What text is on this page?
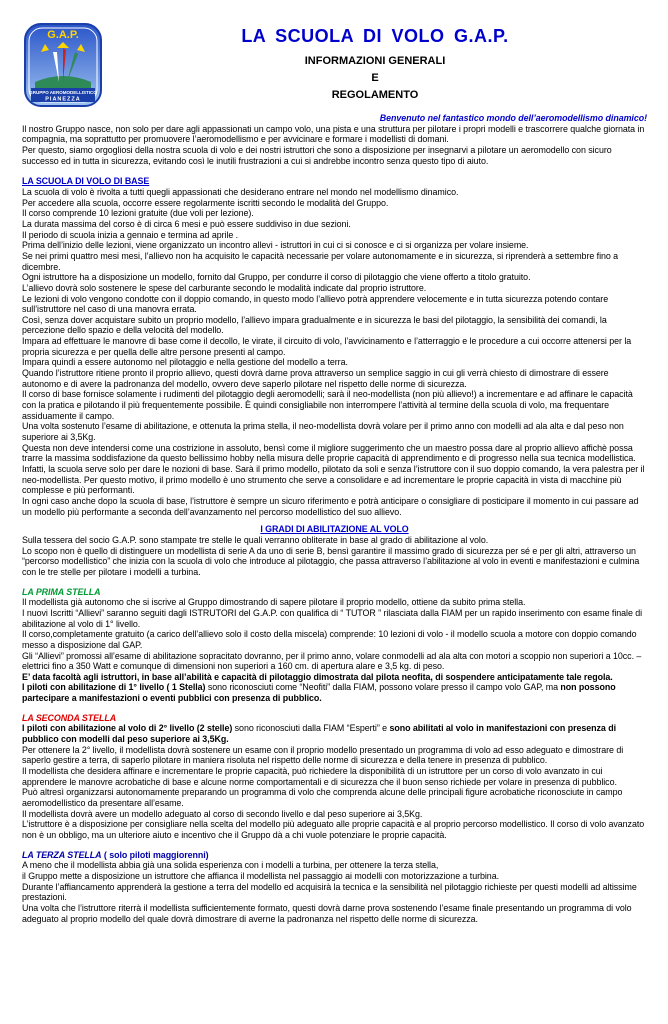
G.A.P.
GRUPPO AEROMODELLISTICO
PIANEZZA
LA SCUOLA DI VOLO G.A.P.
INFORMAZIONI GENERALI
E
REGOLAMENTO

Benvenuto nel fantastico mondo dell’aeromodellismo dinamico!

Il nostro Gruppo nasce, non solo per dare agli appassionati un campo volo, una pista e una struttura per pilotare i propri modelli e trascorrere qualche giornata in compagnia, ma soprattutto per promuovere l’aeromodellismo e per avvicinare e formare i modellisti di domani.

Per questo, siamo orgogliosi della nostra scuola di volo e dei nostri istruttori che sono a disposizione per insegnarvi a pilotare un aeromodello con sicuro successo ed in tutta in sicurezza, evitando così le inutili frustrazioni a cui si andrebbe incontro senza questo tipo di aiuto.

LA SCUOLA DI VOLO DI BASE

La scuola di volo è rivolta a tutti quegli appassionati che desiderano entrare nel mondo nel modellismo dinamico.

Per accedere alla scuola, occorre essere regolarmente iscritti secondo le modalità del Gruppo.

Il corso comprende 10 lezioni gratuite (due voli per lezione).

La durata massima del corso è di circa 6 mesi e può essere suddiviso in due sezioni.

Il periodo di scuola inizia a gennaio e termina ad aprile .

Prima dell’inizio delle lezioni, viene organizzato un incontro allevi - istruttori in cui ci si conosce e ci si organizza per volare insieme.

Se nei primi quattro mesi mesi, l’allievo non ha acquisito le capacità necessarie per volare autonomamente e in sicurezza, si riprenderà a settembre fino a dicembre.

Ogni istruttore ha a disposizione un modello, fornito dal Gruppo, per condurre il corso di pilotaggio che viene offerto a titolo gratuito.

L’allievo dovrà solo sostenere le spese del carburante secondo le modalità indicate dal proprio istruttore.

Le lezioni di volo vengono condotte con il doppio comando, in questo modo l’allievo potrà apprendere velocemente e in tutta sicurezza potendo contare sull’istruttore nel caso di una manovra errata.

Così, senza dover acquistare subito un proprio modello, l’allievo impara gradualmente e in sicurezza le basi del pilotaggio, la sensibilità dei comandi, la percezione dello spazio e della velocità del modello.

Impara ad effettuare le manovre di base come il decollo, le virate, il circuito di volo, l’avvicinamento e l’atterraggio e le procedure a cui occorre attenersi per la propria sicurezza e per quella delle altre persone presenti al campo.

Impara quindi a essere autonomo nel pilotaggio e nella gestione del modello a terra.

Quando l’istruttore ritiene pronto il proprio allievo, questi dovrà darne prova attraverso un semplice saggio in cui gli verrà chiesto di dimostrare di essere autonomo e di avere la padronanza del modello, ovvero deve saperlo pilotare nel rispetto delle norme di sicurezza.

Il corso di base fornisce solamente i rudimenti del pilotaggio degli aeromodelli; sarà il neo-modellista (non più allievo!) a incrementare e ad affinare le capacità con la pratica e pilotando il più frequentemente possibile. È quindi consigliabile non interrompere l’attività al termine della scuola di volo, ma frequentare assiduamente il campo.

Una volta sostenuto l’esame di abilitazione, e ottenuta la prima stella, il neo-modellista dovrà volare per il primo anno con modelli ad ala alta e dal peso non superiore ai 3,5Kg.

Questa non deve intendersi come una costrizione in assoluto, bensì come il migliore suggerimento che un maestro possa dare al proprio allievo affichè possa trarre la massima soddisfazione da questo bellissimo hobby nella misura delle proprie capacità di apprendimento e di progresso nella sua tecnica modellistica.

Infatti, la scuola serve solo per dare le nozioni di base. Sarà il primo modello, pilotato da soli e senza l’istruttore con il suo doppio comando, la vera palestra per il neo-modellista. Per questo motivo, il primo modello è uno strumento che serve a consolidare e ad incrementare le proprie capacità in vista di macchine più complesse e più performanti.

In ogni caso anche dopo la scuola di base, l’istruttore è sempre un sicuro riferimento e potrà anticipare o consigliare di posticipare il momento in cui passare ad un modello più performante a seconda dell’avanzamento nel percorso modellistico del suo allievo.

I GRADI DI ABILITAZIONE AL VOLO

Sulla tessera del socio G.A.P. sono stampate tre stelle le quali verranno obliterate in base al grado di abilitazione al volo.

Lo scopo non è quello di distinguere un modellista di serie A da uno di serie B, bensì garantire il massimo grado di sicurezza per sé e per gli altri, attraverso un “percorso modellistico” che inizia con la scuola di volo che introduce al pilotaggio, che passa attraverso l’abilitazione al volo in eventi e manifestazioni e culmina con le tre stelle per pilotare i modelli a turbina.

LA PRIMA STELLA

Il modellista già autonomo che si iscrive al Gruppo dimostrando di sapere pilotare il proprio modello, ottiene da subito prima stella.

I nuovi Iscritti “Allievi” saranno seguiti dagli ISTRUTORI del G.A.P. con qualifica di “ TUTOR ” rilasciata dalla FIAM per un rapido inserimento con esame finale di abilitazione al volo di 1° livello.

Il corso,completamente gratuito (a carico dell’allievo solo il costo della miscela) comprende: 10 lezioni di volo - il modello scuola a motore con doppio comando messo a disposizione dal GAP.

Gli “Allievi” promossi all’esame di abilitazione sopracitato dovranno, per il primo anno, volare conmodelli ad ala alta con motori a scoppio non superiori a 10cc. – elettrici fino a 350 Watt e comunque di dimensioni non superiori a 160 cm. di apertura alare e 3,5 kg. di peso.

E’ data facoltà agli istruttori, in base all’abilità e capacità di pilotaggio dimostrata dal pilota neofita, di sospendere anticipatamente tale regola.

I piloti con abilitazione di 1° livello ( 1 Stella) sono riconosciuti come “Neofiti” dalla FIAM, possono volare presso il campo volo GAP, ma non possono partecipare a manifestazioni o eventi pubblici con presenza di pubblico.

LA SECONDA STELLA

I piloti con abilitazione al volo di 2° livello (2 stelle) sono riconosciuti dalla FIAM “Esperti” e sono abilitati al volo in manifestazioni con presenza di pubblico con modelli dal peso superiore ai 3,5Kg.

Per ottenere la 2° livello, il modellista dovrà sostenere un esame con il proprio modello presentado un programma di volo ad esso adeguato e dimostrare di saperlo gestire a terra, di saperlo pilotare in maniera risoluta nel rispetto delle norme di sicurezza e della tenere in presenza di pubblico.

Il modellista che desidera affinare e incrementare le proprie capacità, può richiedere la disponibilità di un istruttore per un corso di volo avanzato in cui apprendere le manovre acrobatiche di base e alcune norme comportamentali e di sicurezza che il buon senso richiede per volare in presenza di pubblico.

Può altresì organizzarsi autonomamente preparando un programma di volo che comprenda alcune delle principali figure acrobatiche riconosciute in campo aeromodellistico da presentare all’esame.

Il modellista dovrà avere un modello adeguato al corso di secondo livello e dal peso superiore ai 3,5Kg.

L’istruttore è a disposizione per consigliare nella scelta del modello più adeguato alle proprie capacità e al proprio percorso modellistico. Il corso di volo avanzato non è un obbligo, ma un ulteriore aiuto e incentivo che il Gruppo dà a chi vuole potenziare le proprie capacità.

LA TERZA STELLA ( solo piloti maggiorenni)

A meno che il modellista abbia già una solida esperienza con i modelli a turbina, per ottenere la terza stella,

il Gruppo mette a disposizione un istruttore che affianca il modellista nel passaggio ai modelli con motorizzazione a turbina.

Durante l’affiancamento apprenderà la gestione a terra del modello ed acquisirà la tecnica e la sensibilità nel pilotaggio richieste per questi modelli ad altissime prestazioni.

Una volta che l’istruttore riterrà il modellista sufficientemente formato, questi dovrà darne prova sostenendo l’esame finale presentando un programma di volo adeguato al proprio modello del quale dovrà dimostrare di averne la padronanza nel rispetto delle norme di sicurezza.
